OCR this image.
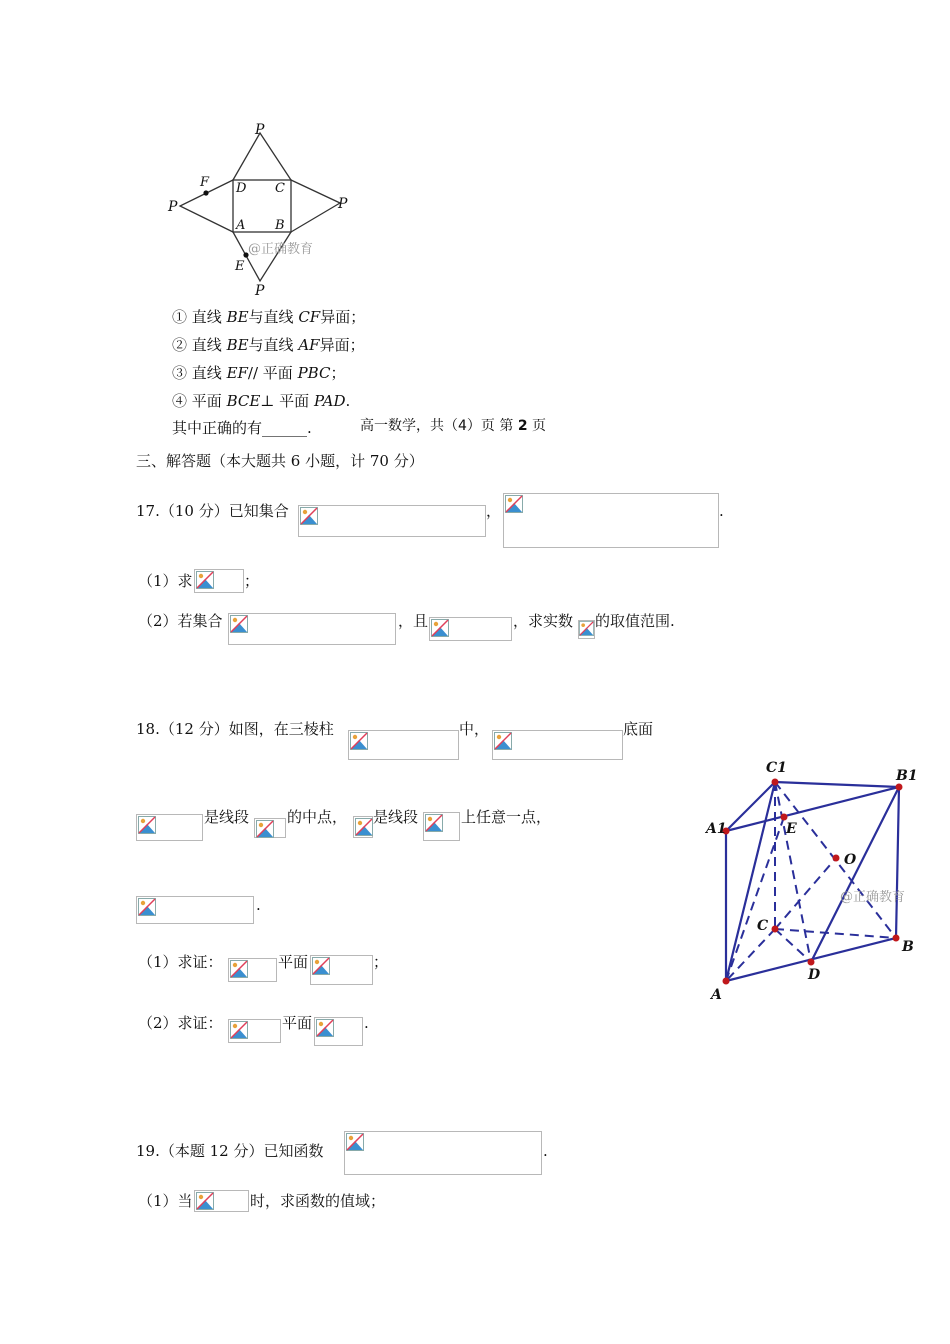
P
P	P
P
D C
A B
F
E
@正确教育
① 直线 BE与直线 CF异面；
② 直线 BE与直线 AF异面；
③ 直线 EF// 平面 PBC；
④ 平面 BCE⊥ 平面 PAD.
其中正确的有______.	高一数学，共（4）页 第 2 页
三、解答题（本大题共 6 小题，计 70 分）
17.（10 分）已知集合	，	.
（1）求	；
（2）若集合	，且	，求实数 的取值范围.
18.（12 分）如图，在三棱柱	中，	底面
是线段	的中点， 是线段	上任意一点，
.
（1）求证：	平面	；
（2）求证：	平面	.
C1	B1
A1	E
O
C
B
D
A
@正确教育
19.（本题 12 分）已知函数	.
（1）当	时，求函数的值域；
